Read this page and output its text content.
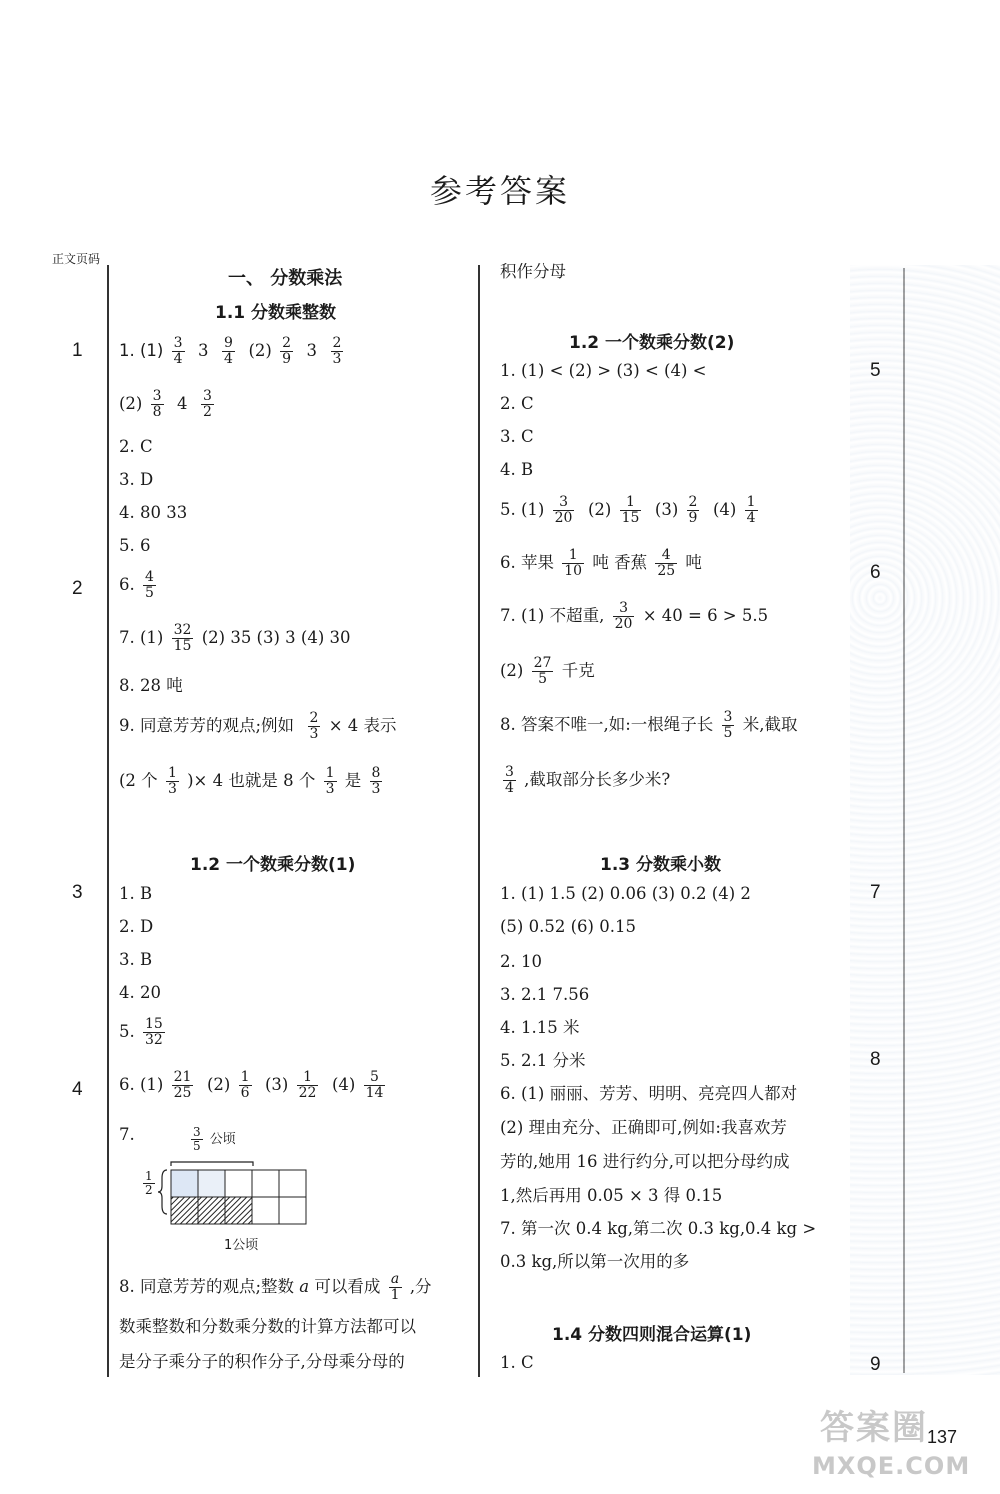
参考答案
正文页码
1
2
3
4
5
6
7
8
9
一、 分数乘法
1.1 分数乘整数
1. $(1) \frac{3}{4} 3 \frac{9}{4} (2) \frac{2}{9} 3 \frac{2}{3}$
$(2) \frac{3}{8} 4 \frac{3}{2}$
2. C
3. D
4. 80 33
5. 6
6. $\frac{4}{5}$
7. $(1) \frac{32}{15} (2)$ 35 (3) 3 (4) 30
8. 28 吨
9. 同意芳芳的观点;例如 $\frac{2}{3} \times 4$ 表示
(2 个 $\frac{1}{3}$ )× 4 也就是 8 个 $\frac{1}{3}$ 是 $\frac{8}{3}$
1.2 一个数乘分数(1)
1. B
2. D
3. B
4. 20
5. $\frac{15}{32}$
6. $(1) \frac{21}{25} (2) \frac{1}{6} (3) \frac{1}{22} (4) \frac{5}{14}$
7.	$\frac{3}{5}$ 公顷
$\frac{1}{2}$
1公顷
8. 同意芳芳的观点;整数 a 可以看成 $\frac{a}{1}$ ,分
数乘整数和分数乘分数的计算方法都可以
是分子乘分子的积作分子,分母乘分母的
积作分母
1.2 一个数乘分数(2)
1. (1) < (2) > (3) < (4) <
2. C
3. C
4. B
5. $(1) \frac{3}{20} (2) \frac{1}{15} (3) \frac{2}{9} (4) \frac{1}{4}$
6. 苹果 $\frac{1}{10}$ 吨 香蕉 $\frac{4}{25}$ 吨
7. (1) 不超重, $\frac{3}{20} \times 40 = 6 > 5.5$
$(2) \frac{27}{5}$ 千克
8. 答案不唯一,如:一根绳子长 $\frac{3}{5}$ 米,截取
$\frac{3}{4}$ ,截取部分长多少米?
1.3 分数乘小数
1. (1) 1.5 (2) 0.06 (3) 0.2 (4) 2
(5) 0.52 (6) 0.15
2. 10
3. 2.1 7.56
4. 1.15 米
5. 2.1 分米
6. (1) 丽丽、芳芳、明明、亮亮四人都对
(2) 理由充分、正确即可,例如:我喜欢芳
芳的,她用 16 进行约分,可以把分母约成
1,然后再用 0.05 × 3 得 0.15
7. 第一次 0.4 kg,第二次 0.3 kg,0.4 kg >
0.3 kg,所以第一次用的多
1.4 分数四则混合运算(1)
1. C
137
答案圈
MXQE.COM
